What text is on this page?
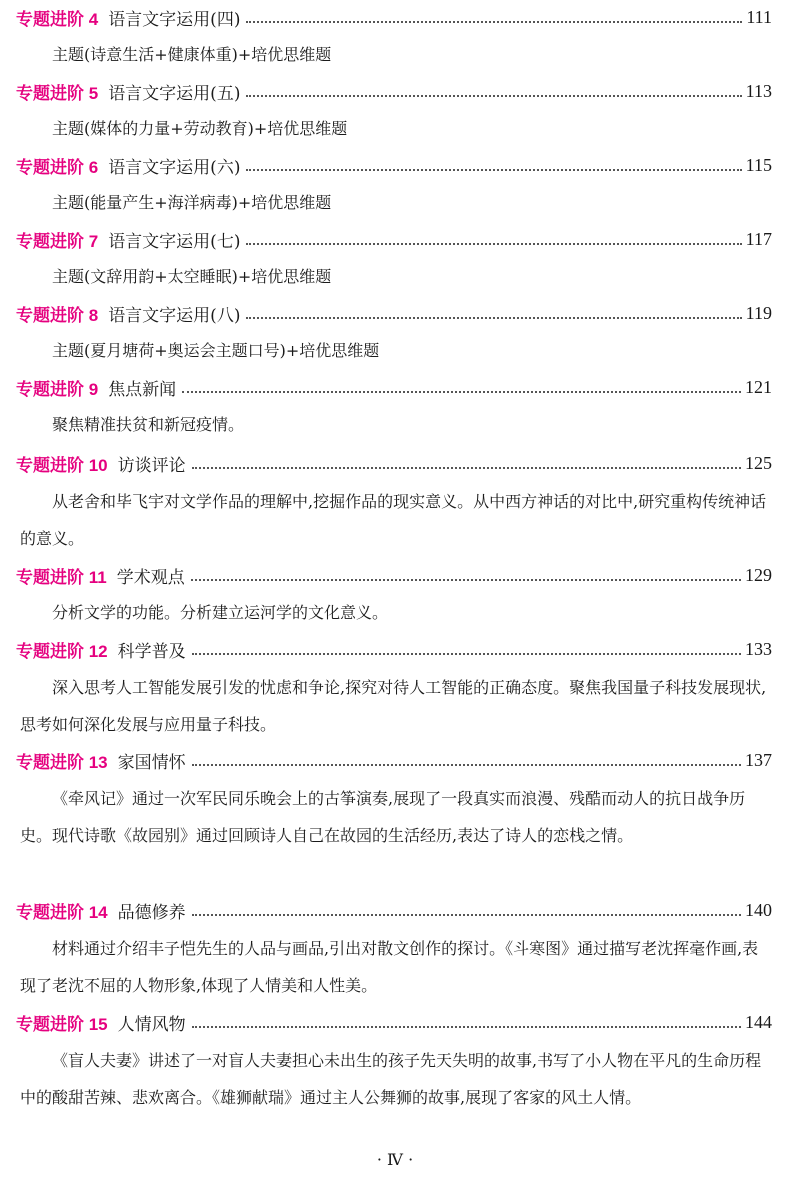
专题进阶 4 语言文字运用(四)	111

主题(诗意生活+健康体重)+培优思维题

专题进阶 5 语言文字运用(五)	113

主题(媒体的力量+劳动教育)+培优思维题

专题进阶 6 语言文字运用(六)	115

主题(能量产生+海洋病毒)+培优思维题

专题进阶 7 语言文字运用(七)	117

主题(文辞用韵+太空睡眠)+培优思维题

专题进阶 8 语言文字运用(八)	119

主题(夏月塘荷+奥运会主题口号)+培优思维题

专题进阶 9 焦点新闻	121

聚焦精准扶贫和新冠疫情。

专题进阶 10 访谈评论	125

从老舍和毕飞宇对文学作品的理解中,挖掘作品的现实意义。从中西方神话的对比中,研究重构传统神话的意义。

专题进阶 11 学术观点	129

分析文学的功能。分析建立运河学的文化意义。

专题进阶 12 科学普及	133

深入思考人工智能发展引发的忧虑和争论,探究对待人工智能的正确态度。聚焦我国量子科技发展现状,思考如何深化发展与应用量子科技。

专题进阶 13 家国情怀	137

《牵风记》通过一次军民同乐晚会上的古筝演奏,展现了一段真实而浪漫、残酷而动人的抗日战争历史。现代诗歌《故园别》通过回顾诗人自己在故园的生活经历,表达了诗人的恋栈之情。

专题进阶 14 品德修养	140

材料通过介绍丰子恺先生的人品与画品,引出对散文创作的探讨。《斗寒图》通过描写老沈挥毫作画,表现了老沈不屈的人物形象,体现了人情美和人性美。

专题进阶 15 人情风物	144

《盲人夫妻》讲述了一对盲人夫妻担心未出生的孩子先天失明的故事,书写了小人物在平凡的生命历程中的酸甜苦辣、悲欢离合。《雄狮献瑞》通过主人公舞狮的故事,展现了客家的风土人情。

· Ⅳ ·
